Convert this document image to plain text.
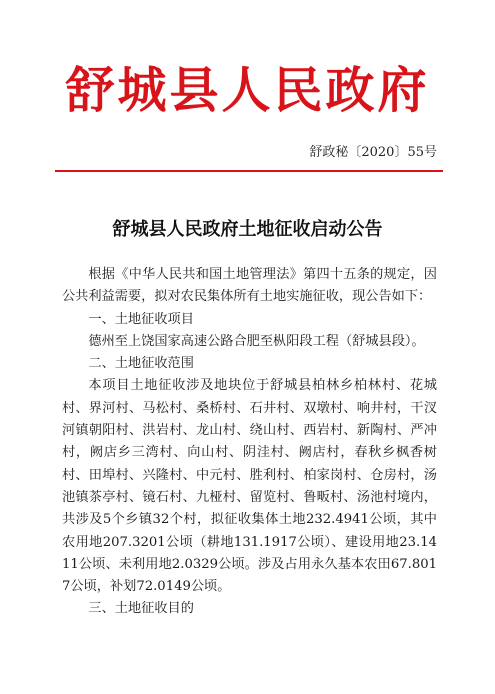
舒城县人民政府
舒政秘〔2020〕55号
舒城县人民政府土地征收启动公告

根据《中华人民共和国土地管理法》第四十五条的规定，因公共利益需要，拟对农民集体所有土地实施征收，现公告如下：

一、土地征收项目

德州至上饶国家高速公路合肥至枞阳段工程（舒城县段）。

二、土地征收范围

本项目土地征收涉及地块位于舒城县柏林乡柏林村、花城村、界河村、马松村、桑桥村、石井村、双墩村、响井村，干汊河镇朝阳村、洪岩村、龙山村、绕山村、西岩村、新陶村、严冲村，阙店乡三湾村、向山村、阴洼村、阙店村，春秋乡枫香树村、田埠村、兴隆村、中元村、胜利村、柏家岗村、仓房村，汤池镇茶亭村、镜石村、九桠村、留览村、鲁畈村、汤池村境内，共涉及5个乡镇32个村，拟征收集体土地232.4941公顷，其中农用地207.3201公顷（耕地131.1917公顷）、建设用地23.1411公顷、未利用地2.0329公顷。涉及占用永久基本农田67.8017公顷，补划72.0149公顷。

三、土地征收目的
